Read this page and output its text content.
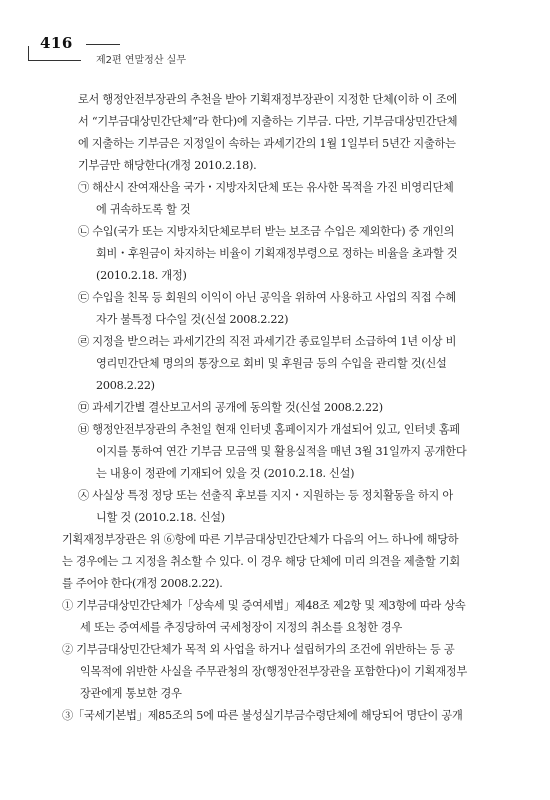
416
제2편 연말정산 실무
로서 행정안전부장관의 추천을 받아 기획재정부장관이 지정한 단체(이하 이 조에
서 “기부금대상민간단체”라 한다)에 지출하는 기부금. 다만, 기부금대상민간단체
에 지출하는 기부금은 지정일이 속하는 과세기간의 1월 1일부터 5년간 지출하는
기부금만 해당한다(개정 2010.2.18).
㉠ 해산시 잔여재산을 국가・지방자치단체 또는 유사한 목적을 가진 비영리단체
에 귀속하도록 할 것
㉡ 수입(국가 또는 지방자치단체로부터 받는 보조금 수입은 제외한다) 중 개인의
회비・후원금이 차지하는 비율이 기획재정부령으로 정하는 비율을 초과할 것
(2010.2.18. 개정)
㉢ 수입을 친목 등 회원의 이익이 아닌 공익을 위하여 사용하고 사업의 직접 수혜
자가 불특정 다수일 것(신설 2008.2.22)
㉣ 지정을 받으려는 과세기간의 직전 과세기간 종료일부터 소급하여 1년 이상 비
영리민간단체 명의의 통장으로 회비 및 후원금 등의 수입을 관리할 것(신설
2008.2.22)
㉤ 과세기간별 결산보고서의 공개에 동의할 것(신설 2008.2.22)
㉥ 행정안전부장관의 추천일 현재 인터넷 홈페이지가 개설되어 있고, 인터넷 홈페
이지를 통하여 연간 기부금 모금액 및 활용실적을 매년 3월 31일까지 공개한다
는 내용이 정관에 기재되어 있을 것 (2010.2.18. 신설)
㉦ 사실상 특정 정당 또는 선출직 후보를 지지・지원하는 등 정치활동을 하지 아
니할 것 (2010.2.18. 신설)
기획재정부장관은 위 ⑥항에 따른 기부금대상민간단체가 다음의 어느 하나에 해당하
는 경우에는 그 지정을 취소할 수 있다. 이 경우 해당 단체에 미리 의견을 제출할 기회
를 주어야 한다(개정 2008.2.22).
① 기부금대상민간단체가「상속세 및 증여세법」제48조 제2항 및 제3항에 따라 상속
세 또는 증여세를 추징당하여 국세청장이 지정의 취소를 요청한 경우
② 기부금대상민간단체가 목적 외 사업을 하거나 설립허가의 조건에 위반하는 등 공
익목적에 위반한 사실을 주무관청의 장(행정안전부장관을 포함한다)이 기획재정부
장관에게 통보한 경우
③「국세기본법」제85조의 5에 따른 불성실기부금수령단체에 해당되어 명단이 공개
